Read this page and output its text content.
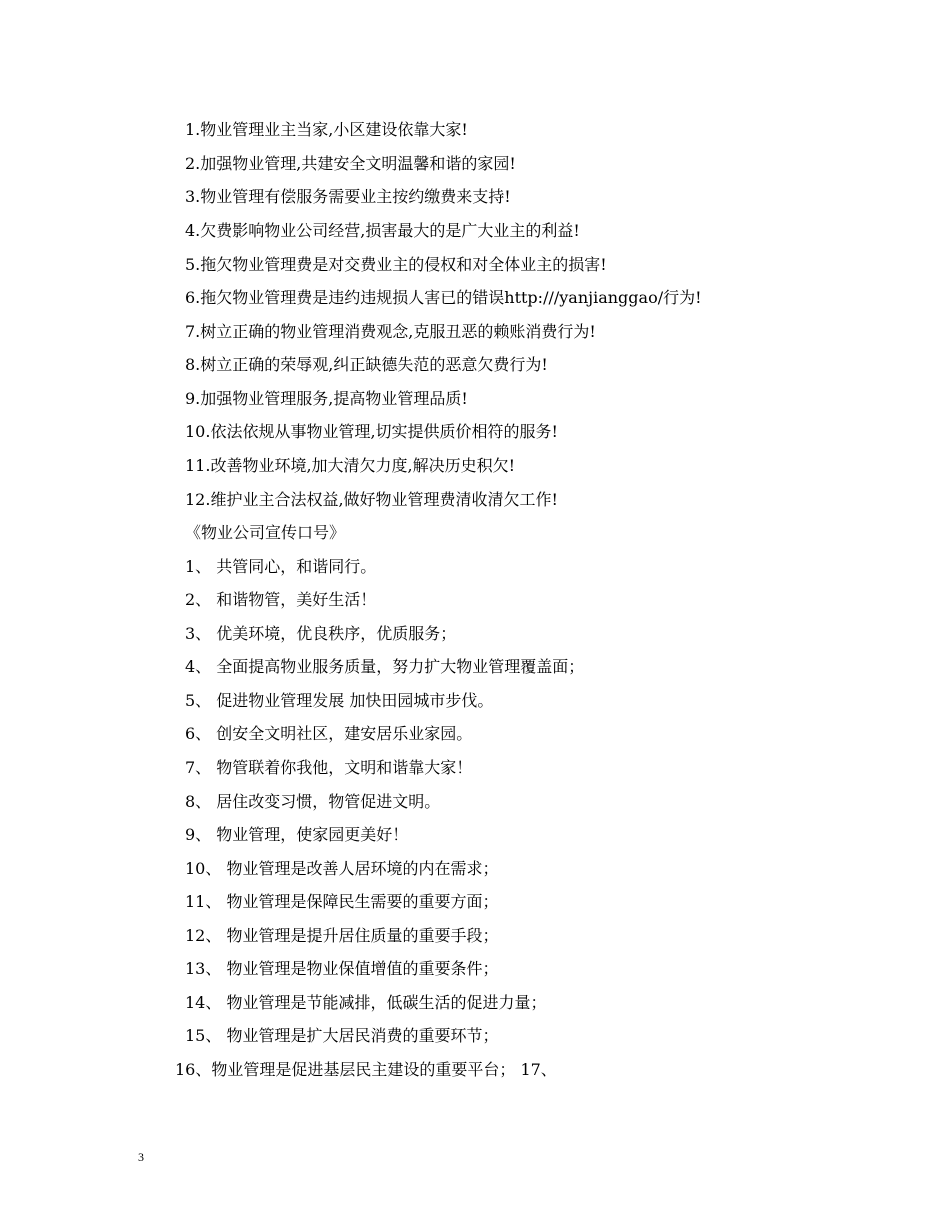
1.物业管理业主当家,小区建设依靠大家!
2.加强物业管理,共建安全文明温馨和谐的家园!
3.物业管理有偿服务需要业主按约缴费来支持!
4.欠费影响物业公司经营,损害最大的是广大业主的利益!
5.拖欠物业管理费是对交费业主的侵权和对全体业主的损害!
6.拖欠物业管理费是违约违规损人害已的错误http:///yanjianggao/行为!
7.树立正确的物业管理消费观念,克服丑恶的赖账消费行为!
8.树立正确的荣辱观,纠正缺德失范的恶意欠费行为!
9.加强物业管理服务,提高物业管理品质!
10.依法依规从事物业管理,切实提供质价相符的服务!
11.改善物业环境,加大清欠力度,解决历史积欠!
12.维护业主合法权益,做好物业管理费清收清欠工作!
《物业公司宣传口号》
1、 共管同心，和谐同行。
2、 和谐物管，美好生活！
3、 优美环境，优良秩序，优质服务；
4、 全面提高物业服务质量，努力扩大物业管理覆盖面；
5、 促进物业管理发展 加快田园城市步伐。
6、 创安全文明社区，建安居乐业家园。
7、 物管联着你我他，文明和谐靠大家！
8、 居住改变习惯，物管促进文明。
9、 物业管理，使家园更美好！
10、 物业管理是改善人居环境的内在需求；
11、 物业管理是保障民生需要的重要方面；
12、 物业管理是提升居住质量的重要手段；
13、 物业管理是物业保值增值的重要条件；
14、 物业管理是节能减排，低碳生活的促进力量；
15、 物业管理是扩大居民消费的重要环节；
16、物业管理是促进基层民主建设的重要平台； 17、
3
